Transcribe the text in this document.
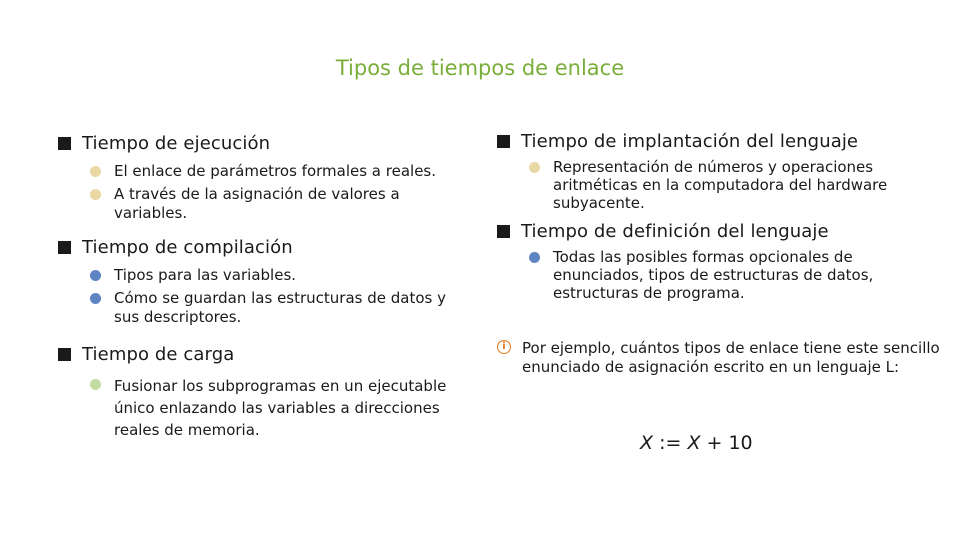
Tipos de tiempos de enlace
Tiempo de ejecución
El enlace de parámetros formales a reales.
A través de la asignación de valores a variables.
Tiempo de compilación
Tipos para las variables.
Cómo se guardan las estructuras de datos y sus descriptores.
Tiempo de carga
Fusionar los subprogramas en un ejecutable único enlazando las variables a direcciones reales de memoria.
Tiempo de implantación del lenguaje
Representación de números y operaciones aritméticas en la computadora del hardware subyacente.
Tiempo de definición del lenguaje
Todas las posibles formas opcionales de enunciados, tipos de estructuras de datos, estructuras de programa.
i	Por ejemplo, cuántos tipos de enlace tiene este sencillo enunciado de asignación escrito en un lenguaje L:
X := X + 10
